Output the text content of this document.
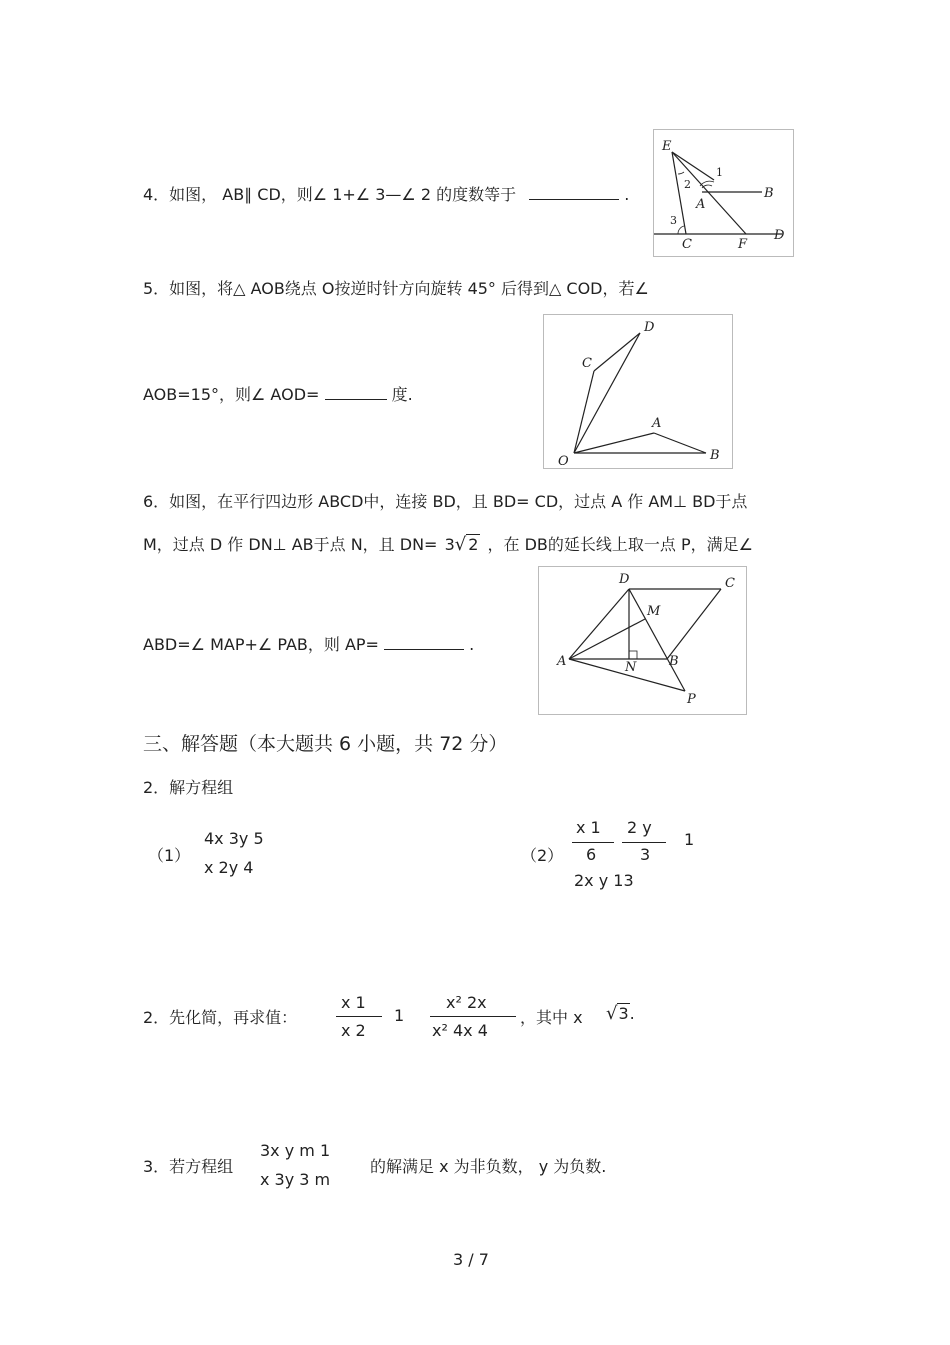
4．如图， AB∥ CD，则∠ 1+∠ 3—∠ 2 的度数等于	.
E
1
B
2
A
3
C	F
D
5．如图，将△ AOB绕点 O按逆时针方向旋转 45° 后得到△ COD，若∠
AOB=15°，则∠ AOD=	度.
D
C
A
O	B
6．如图，在平行四边形 ABCD中，连接 BD，且 BD= CD，过点 A 作 AM⊥ BD于点
M，过点 D 作 DN⊥ AB于点 N，且 DN= 3√ 2 ，在 DB的延长线上取一点 P，满足∠
ABD=∠ MAP+∠ PAB，则 AP=	.
D	C
M
A	N	B
P
三、解答题（本大题共 6 小题，共 72 分）
2．解方程组
（1）
4x 3y 5
x 2y 4
（2）
x 1
6
2 y
3
1
2x y 13
2．先化简，再求值：
x 1
x 2
1
x² 2x
x² 4x 4
，其中 x √3.
3．若方程组
3x y m 1
x 3y 3 m
的解满足 x 为非负数， y 为负数.
3 / 7
